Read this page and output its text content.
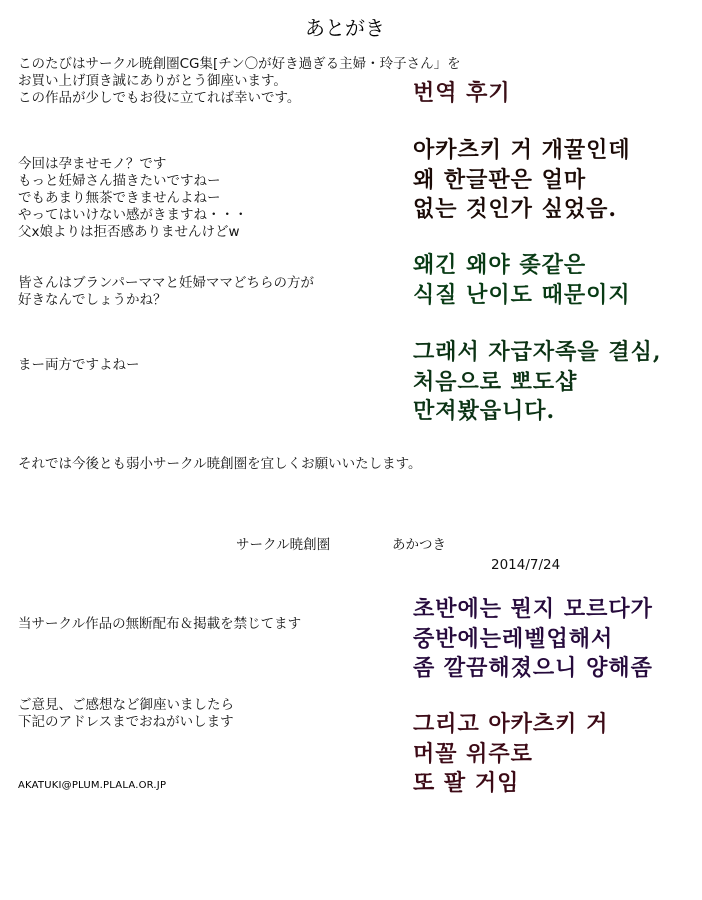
あとがき
このたびはサークル暁創圏CG集[チン〇が好き過ぎる主婦・玲子さん」を
お買い上げ頂き誠にありがとう御座います。
この作品が少しでもお役に立てれば幸いです。
今回は孕ませモノ？です
もっと妊婦さん描きたいですねー
でもあまり無茶できませんよねー
やってはいけない感がきますね・・・
父x娘よりは拒否感ありませんけどw
皆さんはブランパーママと妊婦ママどちらの方が
好きなんでしょうかね？
まー両方ですよねー
それでは今後とも弱小サークル暁創圏を宜しくお願いいたします。
サークル暁創圏	あかつき
2014/7/24
当サークル作品の無断配布＆掲載を禁じてます
ご意見、ご感想など御座いましたら
下記のアドレスまでおねがいします
AKATUKI@PLUM.PLALA.OR.JP
번역 후기
아카츠키 거 개꿀인데
왜 한글판은 얼마
없는 것인가 싶었음.
왜긴 왜야 좆같은
식질 난이도 때문이지
그래서 자급자족을 결심,
처음으로 뽀도샵
만져봤읍니다.
초반에는 뭔지 모르다가
중반에는레벨업해서
좀 깔끔해졌으니 양해좀
그리고 아카츠키 거
머꼴 위주로
또 팔 거임
